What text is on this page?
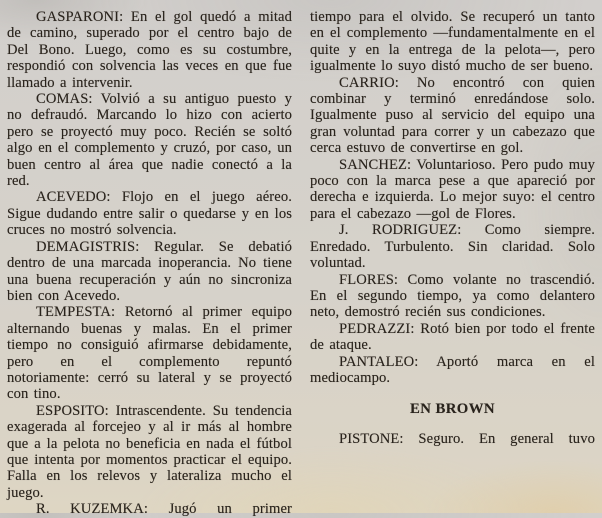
GASPARONI: En el gol quedó a mitad de camino, superado por el centro bajo de Del Bono. Luego, como es su costumbre, respondió con solvencia las veces en que fue llamado a intervenir.

COMAS: Volvió a su antiguo puesto y no defraudó. Marcando lo hizo con acierto pero se proyectó muy poco. Recién se soltó algo en el complemento y cruzó, por caso, un buen centro al área que nadie conectó a la red.

ACEVEDO: Flojo en el juego aéreo. Sigue dudando entre salir o quedarse y en los cruces no mostró solvencia.

DEMAGISTRIS: Regular. Se debatió dentro de una marcada inoperancia. No tiene una buena recuperación y aún no sincroniza bien con Acevedo.

TEMPESTA: Retornó al primer equipo alternando buenas y malas. En el primer tiempo no consiguió afirmarse debidamente, pero en el complemento repuntó notoriamente: cerró su lateral y se proyectó con tino.

ESPOSITO: Intrascendente. Su tendencia exagerada al forcejeo y al ir más al hombre que a la pelota no beneficia en nada el fútbol que intenta por momentos practicar el equipo. Falla en los relevos y lateraliza mucho el juego.

R. KUZEMKA: Jugó un primer

tiempo para el olvido. Se recuperó un tanto en el complemento —fundamentalmente en el quite y en la entrega de la pelota—, pero igualmente lo suyo distó mucho de ser bueno.

CARRIO: No encontró con quien combinar y terminó enredándose solo. Igualmente puso al servicio del equipo una gran voluntad para correr y un cabezazo que cerca estuvo de convertirse en gol.

SANCHEZ: Voluntarioso. Pero pudo muy poco con la marca pese a que apareció por derecha e izquierda. Lo mejor suyo: el centro para el cabezazo —gol de Flores.

J. RODRIGUEZ: Como siempre. Enredado. Turbulento. Sin claridad. Solo voluntad.

FLORES: Como volante no trascendió. En el segundo tiempo, ya como delantero neto, demostró recién sus condiciones.

PEDRAZZI: Rotó bien por todo el frente de ataque.

PANTALEO: Aportó marca en el mediocampo.

EN BROWN

PISTONE: Seguro. En general tuvo
